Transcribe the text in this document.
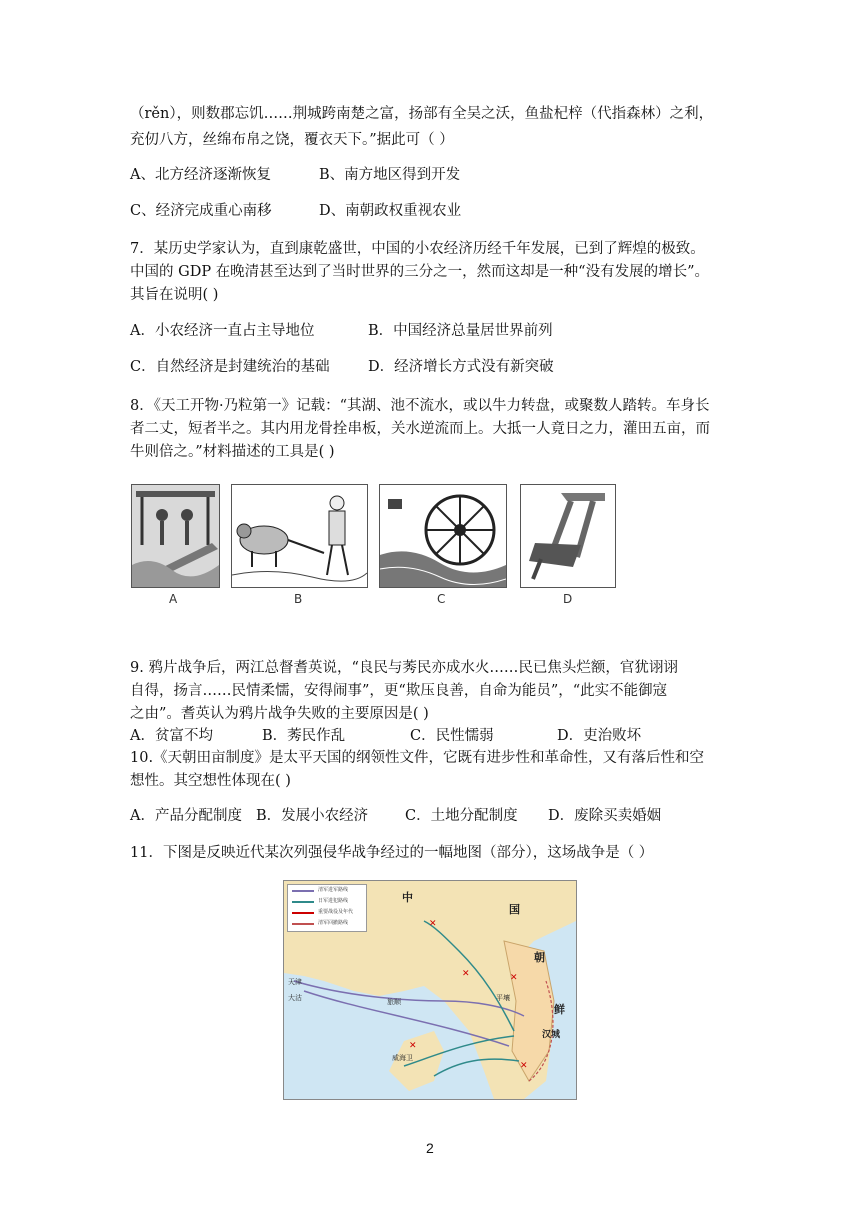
（rěn），则数郡忘饥……荆城跨南楚之富，扬部有全吴之沃，鱼盐杞梓（代指森林）之利，
充仞八方，丝绵布帛之饶，覆衣天下。”据此可（ ）
A、北方经济逐渐恢复	B、南方地区得到开发
C、经济完成重心南移	D、南朝政权重视农业
7．某历史学家认为，直到康乾盛世，中国的小农经济历经千年发展，已到了辉煌的极致。
中国的 GDP 在晚清甚至达到了当时世界的三分之一，然而这却是一种“没有发展的增长”。
其旨在说明( )
A．小农经济一直占主导地位	B．中国经济总量居世界前列
C．自然经济是封建统治的基础	D．经济增长方式没有新突破
8．《天工开物·乃粒第一》记载：“其湖、池不流水，或以牛力转盘，或聚数人踏转。车身长
者二丈，短者半之。其内用龙骨拴串板，关水逆流而上。大抵一人竟日之力，灌田五亩，而
牛则倍之。”材料描述的工具是( )
A	B	C	D
9. 鸦片战争后，两江总督耆英说，“良民与莠民亦成水火……民已焦头烂额，官犹诩诩
自得，扬言……民情柔懦，安得闹事”，更“欺压良善，自命为能员”，“此实不能御寇
之由”。耆英认为鸦片战争失败的主要原因是( )
A．贫富不均	B．莠民作乱	C．民性懦弱	D．吏治败坏
10.《天朝田亩制度》是太平天国的纲领性文件，它既有进步性和革命性，又有落后性和空
想性。其空想性体现在( )
A．产品分配制度 B．发展小农经济	C．土地分配制度 D．废除买卖婚姻
11．下图是反映近代某次列强侵华战争经过的一幅地图（部分），这场战争是（ ）
✕
✕	✕
✕
✕
清军进军路线
日军进犯路线
重要战役及年代
清军回撤路线
中
国
朝
鲜
汉城
平壤
旅顺
天津
大沽
威海卫
2
